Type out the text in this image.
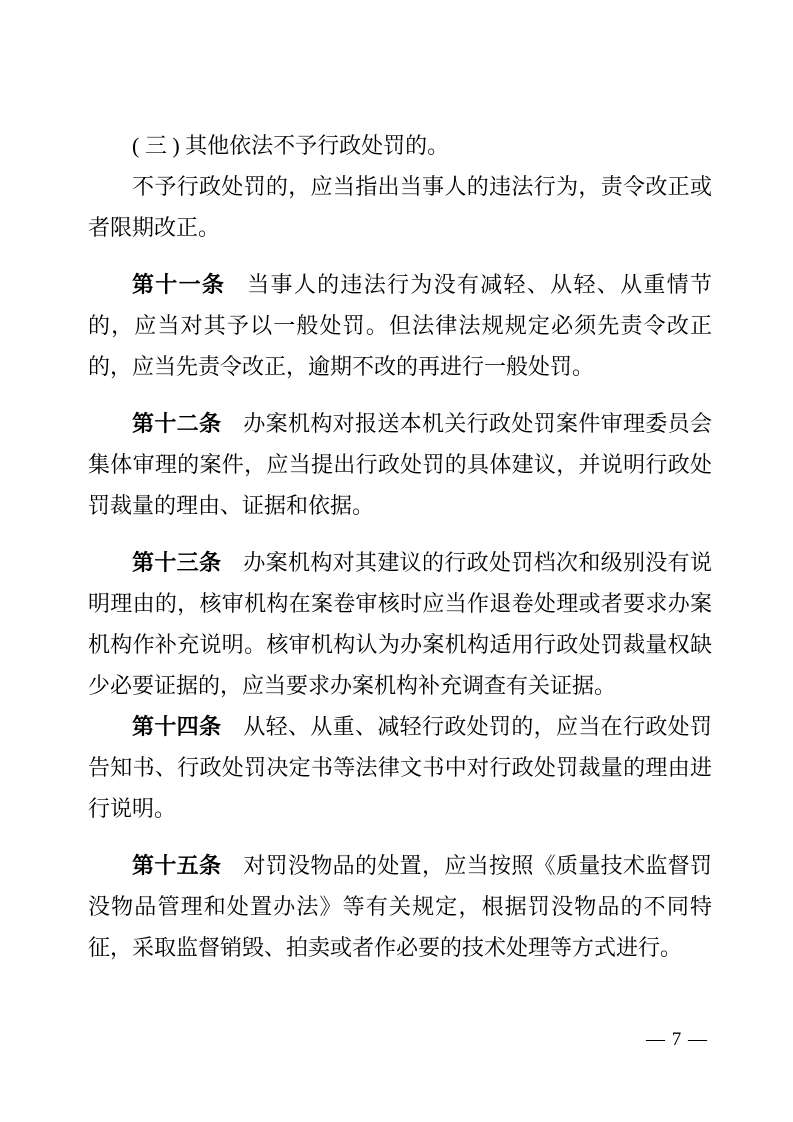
( 三 ) 其他依法不予行政处罚的。

不予行政处罚的，应当指出当事人的违法行为，责令改正或者限期改正。

第十一条 当事人的违法行为没有减轻、从轻、从重情节的，应当对其予以一般处罚。但法律法规规定必须先责令改正的，应当先责令改正，逾期不改的再进行一般处罚。

第十二条 办案机构对报送本机关行政处罚案件审理委员会集体审理的案件，应当提出行政处罚的具体建议，并说明行政处罚裁量的理由、证据和依据。

第十三条 办案机构对其建议的行政处罚档次和级别没有说明理由的，核审机构在案卷审核时应当作退卷处理或者要求办案机构作补充说明。核审机构认为办案机构适用行政处罚裁量权缺少必要证据的，应当要求办案机构补充调查有关证据。

第十四条 从轻、从重、减轻行政处罚的，应当在行政处罚告知书、行政处罚决定书等法律文书中对行政处罚裁量的理由进行说明。

第十五条 对罚没物品的处置，应当按照《质量技术监督罚没物品管理和处置办法》等有关规定，根据罚没物品的不同特征，采取监督销毁、拍卖或者作必要的技术处理等方式进行。

— 7 —
